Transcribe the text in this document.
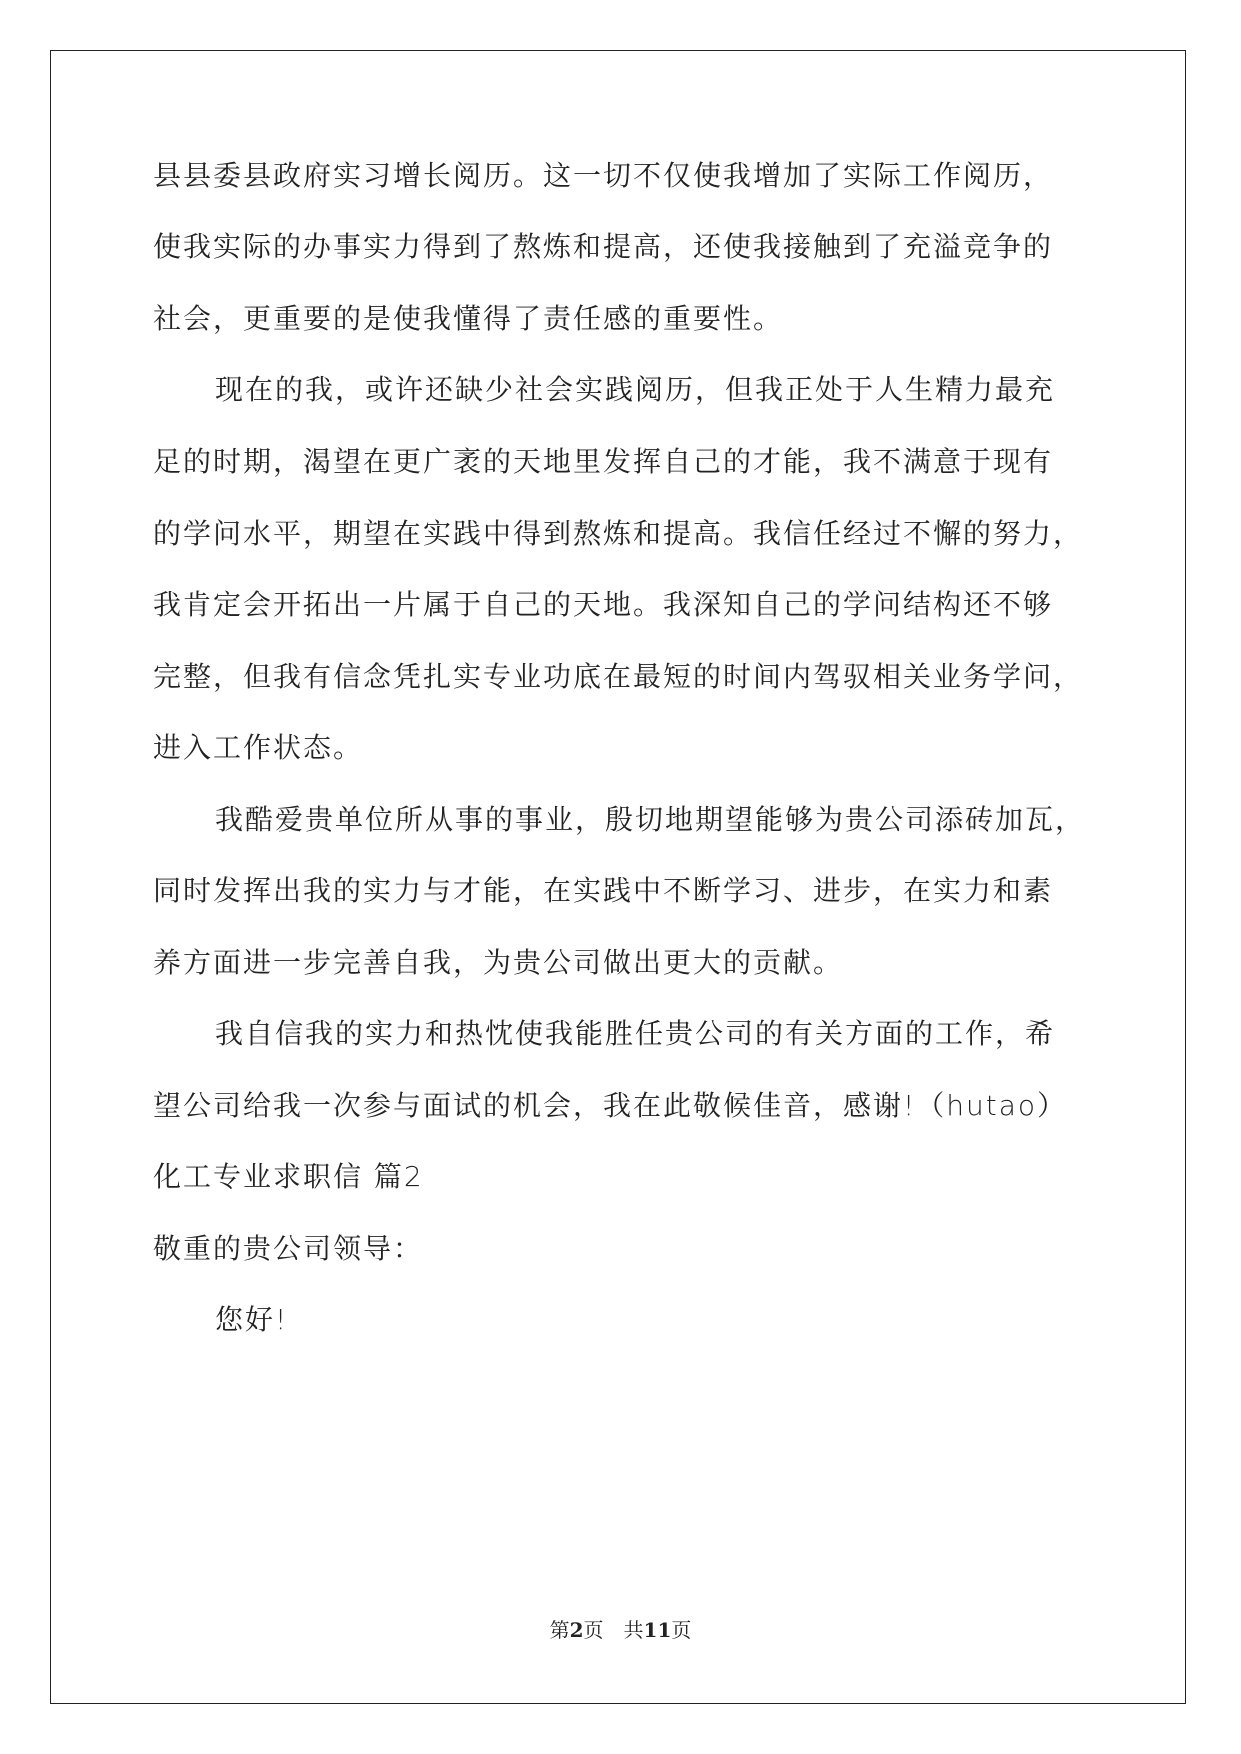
县县委县政府实习增长阅历。这一切不仅使我增加了实际工作阅历，
使我实际的办事实力得到了熬炼和提高，还使我接触到了充溢竞争的
社会，更重要的是使我懂得了责任感的重要性。
现在的我，或许还缺少社会实践阅历，但我正处于人生精力最充
足的时期，渴望在更广袤的天地里发挥自己的才能，我不满意于现有
的学问水平，期望在实践中得到熬炼和提高。我信任经过不懈的努力，
我肯定会开拓出一片属于自己的天地。我深知自己的学问结构还不够
完整，但我有信念凭扎实专业功底在最短的时间内驾驭相关业务学问，
进入工作状态。
我酷爱贵单位所从事的事业，殷切地期望能够为贵公司添砖加瓦，
同时发挥出我的实力与才能，在实践中不断学习、进步，在实力和素
养方面进一步完善自我，为贵公司做出更大的贡献。
我自信我的实力和热忱使我能胜任贵公司的有关方面的工作，希
望公司给我一次参与面试的机会，我在此敬候佳音，感谢!（hutao）
化工专业求职信 篇2
敬重的贵公司领导：
您好!
第2页　共11页
